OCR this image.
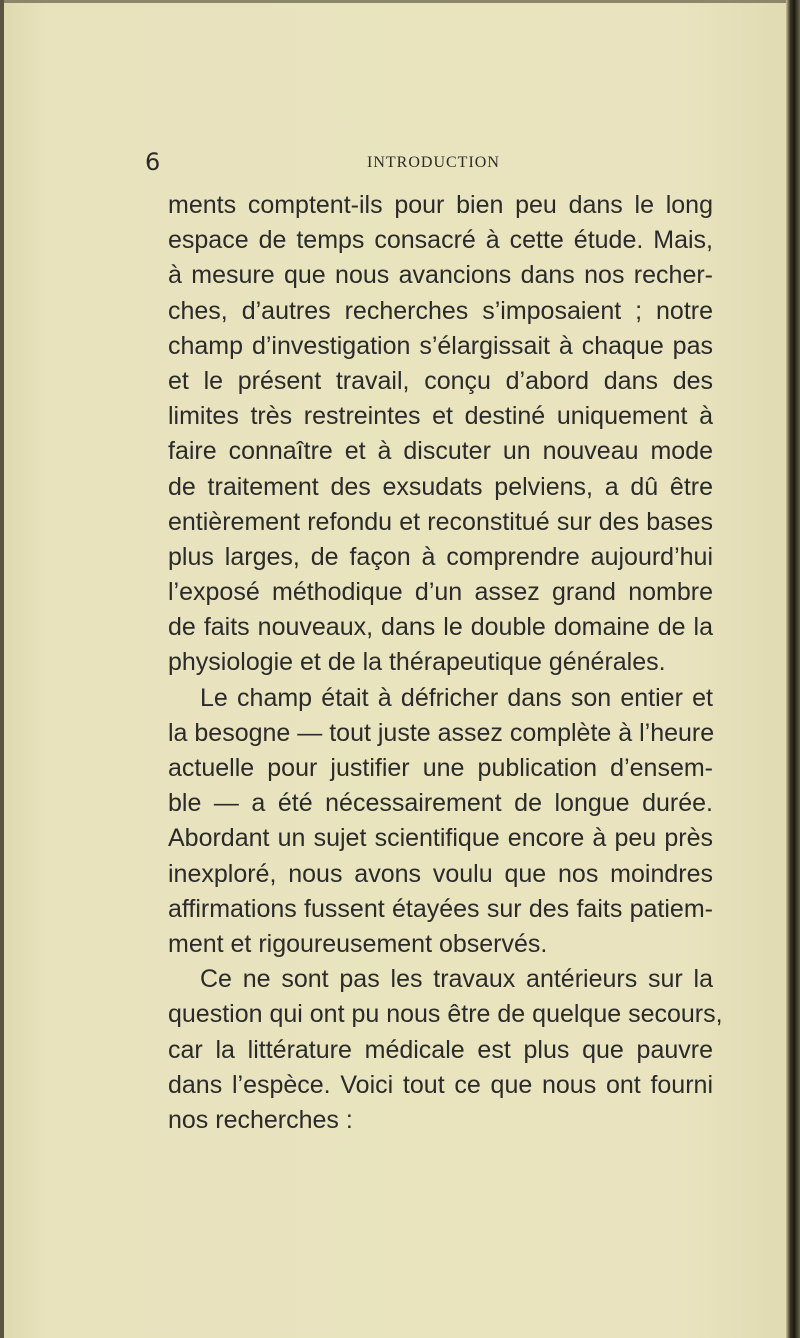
6	INTRODUCTION
ments comptent-ils pour bien peu dans le long
espace de temps consacré à cette étude. Mais,
à mesure que nous avancions dans nos recher-
ches, d’autres recherches s’imposaient ; notre
champ d’investigation s’élargissait à chaque pas
et le présent travail, conçu d’abord dans des
limites très restreintes et destiné uniquement à
faire connaître et à discuter un nouveau mode
de traitement des exsudats pelviens, a dû être
entièrement refondu et reconstitué sur des bases
plus larges, de façon à comprendre aujourd’hui
l’exposé méthodique d’un assez grand nombre
de faits nouveaux, dans le double domaine de la
physiologie et de la thérapeutique générales.
Le champ était à défricher dans son entier et
la besogne — tout juste assez complète à l’heure
actuelle pour justifier une publication d’ensem-
ble — a été nécessairement de longue durée.
Abordant un sujet scientifique encore à peu près
inexploré, nous avons voulu que nos moindres
affirmations fussent étayées sur des faits patiem-
ment et rigoureusement observés.
Ce ne sont pas les travaux antérieurs sur la
question qui ont pu nous être de quelque secours,
car la littérature médicale est plus que pauvre
dans l’espèce. Voici tout ce que nous ont fourni
nos recherches :
